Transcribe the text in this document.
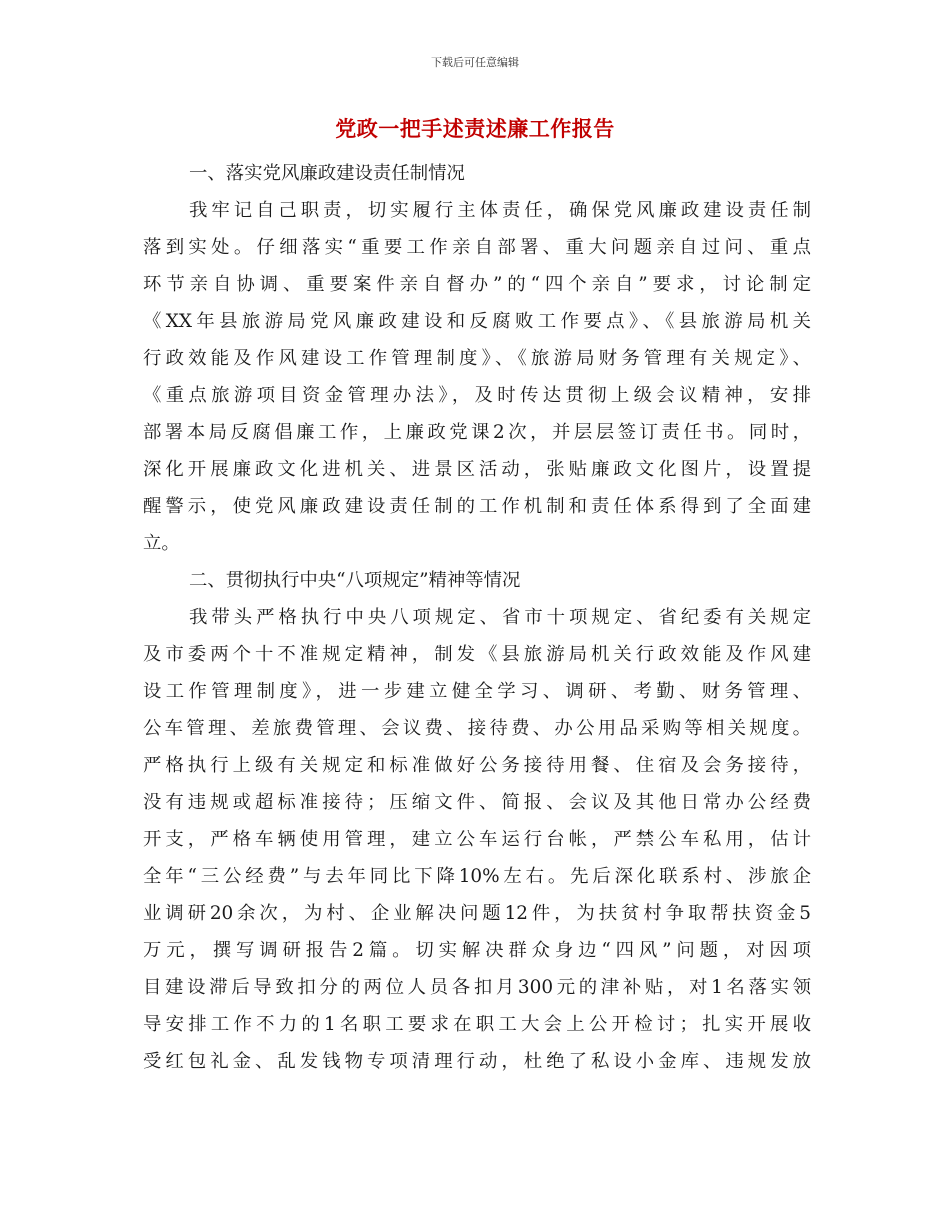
下载后可任意编辑
党政一把手述责述廉工作报告
一、落实党风廉政建设责任制情况
我牢记自己职责，切实履行主体责任，确保党风廉政建设责任制
落到实处。仔细落实“重要工作亲自部署、重大问题亲自过问、重点
环节亲自协调、重要案件亲自督办”的“四个亲自”要求，讨论制定
《XX年县旅游局党风廉政建设和反腐败工作要点》、《县旅游局机关
行政效能及作风建设工作管理制度》、《旅游局财务管理有关规定》、
《重点旅游项目资金管理办法》，及时传达贯彻上级会议精神，安排
部署本局反腐倡廉工作，上廉政党课2次，并层层签订责任书。同时，
深化开展廉政文化进机关、进景区活动，张贴廉政文化图片，设置提
醒警示，使党风廉政建设责任制的工作机制和责任体系得到了全面建
立。
二、贯彻执行中央“八项规定”精神等情况
我带头严格执行中央八项规定、省市十项规定、省纪委有关规定
及市委两个十不准规定精神，制发《县旅游局机关行政效能及作风建
设工作管理制度》，进一步建立健全学习、调研、考勤、财务管理、
公车管理、差旅费管理、会议费、接待费、办公用品采购等相关规度。
严格执行上级有关规定和标准做好公务接待用餐、住宿及会务接待，
没有违规或超标准接待；压缩文件、简报、会议及其他日常办公经费
开支，严格车辆使用管理，建立公车运行台帐，严禁公车私用，估计
全年“三公经费”与去年同比下降10%左右。先后深化联系村、涉旅企
业调研20余次，为村、企业解决问题12件，为扶贫村争取帮扶资金5
万元，撰写调研报告2篇。切实解决群众身边“四风”问题，对因项
目建设滞后导致扣分的两位人员各扣月300元的津补贴，对1名落实领
导安排工作不力的1名职工要求在职工大会上公开检讨；扎实开展收
受红包礼金、乱发钱物专项清理行动，杜绝了私设小金库、违规发放
